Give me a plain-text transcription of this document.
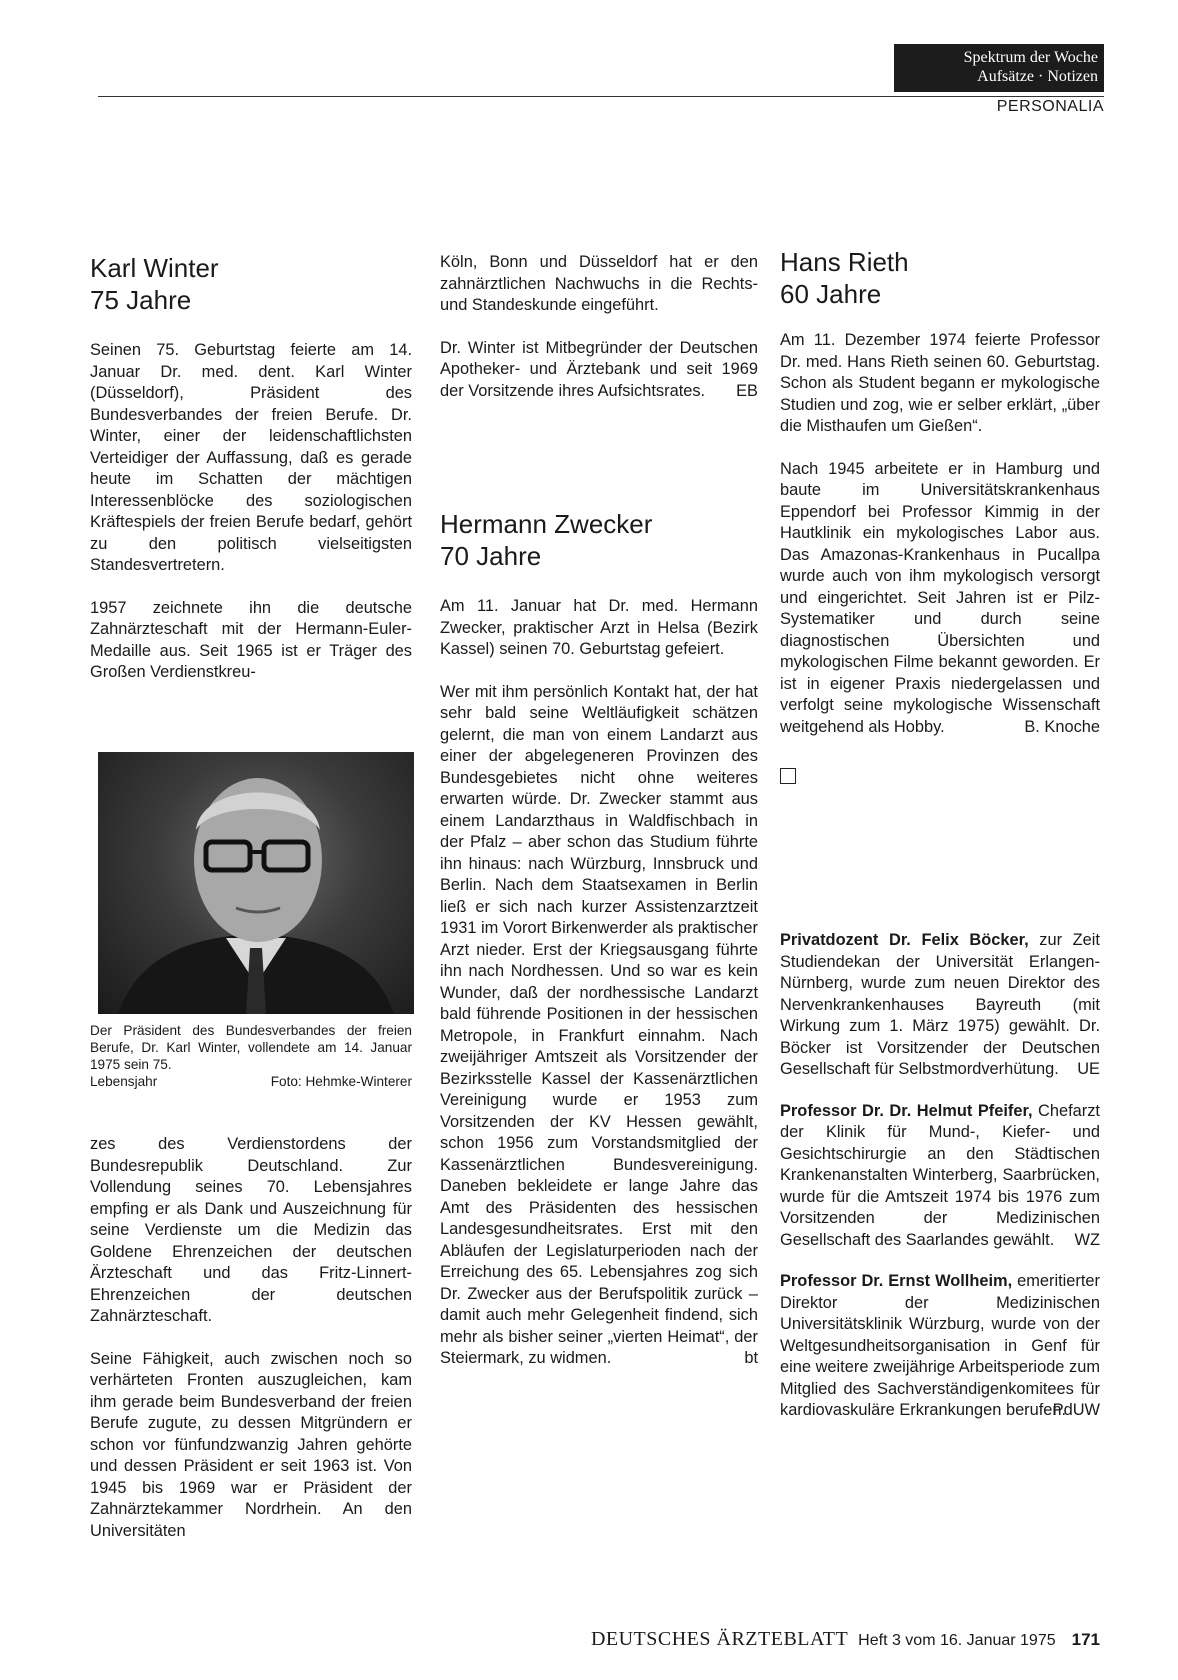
Spektrum der Woche
Aufsätze · Notizen
PERSONALIA
Karl Winter
75 Jahre

Seinen 75. Geburtstag feierte am 14. Januar Dr. med. dent. Karl Winter (Düsseldorf), Präsident des Bundesverbandes der freien Berufe. Dr. Winter, einer der leidenschaftlichsten Verteidiger der Auffassung, daß es gerade heute im Schatten der mächtigen Interessenblöcke des soziologischen Kräftespiels der freien Berufe bedarf, gehört zu den politisch vielseitigsten Standesvertretern.

1957 zeichnete ihn die deutsche Zahnärzteschaft mit der Hermann-Euler-Medaille aus. Seit 1965 ist er Träger des Großen Verdienstkreu-

Der Präsident des Bundesverbandes der freien Berufe, Dr. Karl Winter, vollendete am 14. Januar 1975 sein 75.

Lebensjahr	Foto: Hehmke-Winterer

zes des Verdienstordens der Bundesrepublik Deutschland. Zur Vollendung seines 70. Lebensjahres empfing er als Dank und Auszeichnung für seine Verdienste um die Medizin das Goldene Ehrenzeichen der deutschen Ärzteschaft und das Fritz-Linnert-Ehrenzeichen der deutschen Zahnärzteschaft.

Seine Fähigkeit, auch zwischen noch so verhärteten Fronten auszugleichen, kam ihm gerade beim Bundesverband der freien Berufe zugute, zu dessen Mitgründern er schon vor fünfundzwanzig Jahren gehörte und dessen Präsident er seit 1963 ist. Von 1945 bis 1969 war er Präsident der Zahnärztekammer Nordrhein. An den Universitäten

Köln, Bonn und Düsseldorf hat er den zahnärztlichen Nachwuchs in die Rechts- und Standeskunde eingeführt.

Dr. Winter ist Mitbegründer der Deutschen Apotheker- und Ärztebank und seit 1969 der Vorsitzende ihres Aufsichtsrates.	EB
Hermann Zwecker
70 Jahre

Am 11. Januar hat Dr. med. Hermann Zwecker, praktischer Arzt in Helsa (Bezirk Kassel) seinen 70. Geburtstag gefeiert.

Wer mit ihm persönlich Kontakt hat, der hat sehr bald seine Weltläufigkeit schätzen gelernt, die man von einem Landarzt aus einer der abgelegeneren Provinzen des Bundesgebietes nicht ohne weiteres erwarten würde. Dr. Zwecker stammt aus einem Landarzthaus in Waldfischbach in der Pfalz – aber schon das Studium führte ihn hinaus: nach Würzburg, Innsbruck und Berlin. Nach dem Staatsexamen in Berlin ließ er sich nach kurzer Assistenzarztzeit 1931 im Vorort Birkenwerder als praktischer Arzt nieder. Erst der Kriegsausgang führte ihn nach Nordhessen. Und so war es kein Wunder, daß der nordhessische Landarzt bald führende Positionen in der hessischen Metropole, in Frankfurt einnahm. Nach zweijähriger Amtszeit als Vorsitzender der Bezirksstelle Kassel der Kassenärztlichen Vereinigung wurde er 1953 zum Vorsitzenden der KV Hessen gewählt, schon 1956 zum Vorstandsmitglied der Kassenärztlichen Bundesvereinigung. Daneben bekleidete er lange Jahre das Amt des Präsidenten des hessischen Landesgesundheitsrates. Erst mit den Abläufen der Legislaturperioden nach der Erreichung des 65. Lebensjahres zog sich Dr. Zwecker aus der Berufspolitik zurück – damit auch mehr Gelegenheit findend, sich mehr als bisher seiner „vierten Heimat“, der Steiermark, zu widmen.	bt
Hans Rieth
60 Jahre

Am 11. Dezember 1974 feierte Professor Dr. med. Hans Rieth seinen 60. Geburtstag. Schon als Student begann er mykologische Studien und zog, wie er selber erklärt, „über die Misthaufen um Gießen“.

Nach 1945 arbeitete er in Hamburg und baute im Universitätskrankenhaus Eppendorf bei Professor Kimmig in der Hautklinik ein mykologisches Labor aus. Das Amazonas-Krankenhaus in Pucallpa wurde auch von ihm mykologisch versorgt und eingerichtet. Seit Jahren ist er Pilz-Systematiker und durch seine diagnostischen Übersichten und mykologischen Filme bekannt geworden. Er ist in eigener Praxis niedergelassen und verfolgt seine mykologische Wissenschaft weitgehend als Hobby.	B. Knoche

Privatdozent Dr. Felix Böcker, zur Zeit Studiendekan der Universität Erlangen-Nürnberg, wurde zum neuen Direktor des Nervenkrankenhauses Bayreuth (mit Wirkung zum 1. März 1975) gewählt. Dr. Böcker ist Vorsitzender der Deutschen Gesellschaft für Selbstmordverhütung.	UE

Professor Dr. Dr. Helmut Pfeifer, Chefarzt der Klinik für Mund-, Kiefer- und Gesichtschirurgie an den Städtischen Krankenanstalten Winterberg, Saarbrücken, wurde für die Amtszeit 1974 bis 1976 zum Vorsitzenden der Medizinischen Gesellschaft des Saarlandes gewählt.	WZ

Professor Dr. Ernst Wollheim, emeritierter Direktor der Medizinischen Universitätsklinik Würzburg, wurde von der Weltgesundheitsorganisation in Genf für eine weitere zweijährige Arbeitsperiode zum Mitglied des Sachverständigenkomitees für kardiovaskuläre Erkrankungen berufen.

PdUW
DEUTSCHES ÄRZTEBLATT Heft 3 vom 16. Januar 1975 171
